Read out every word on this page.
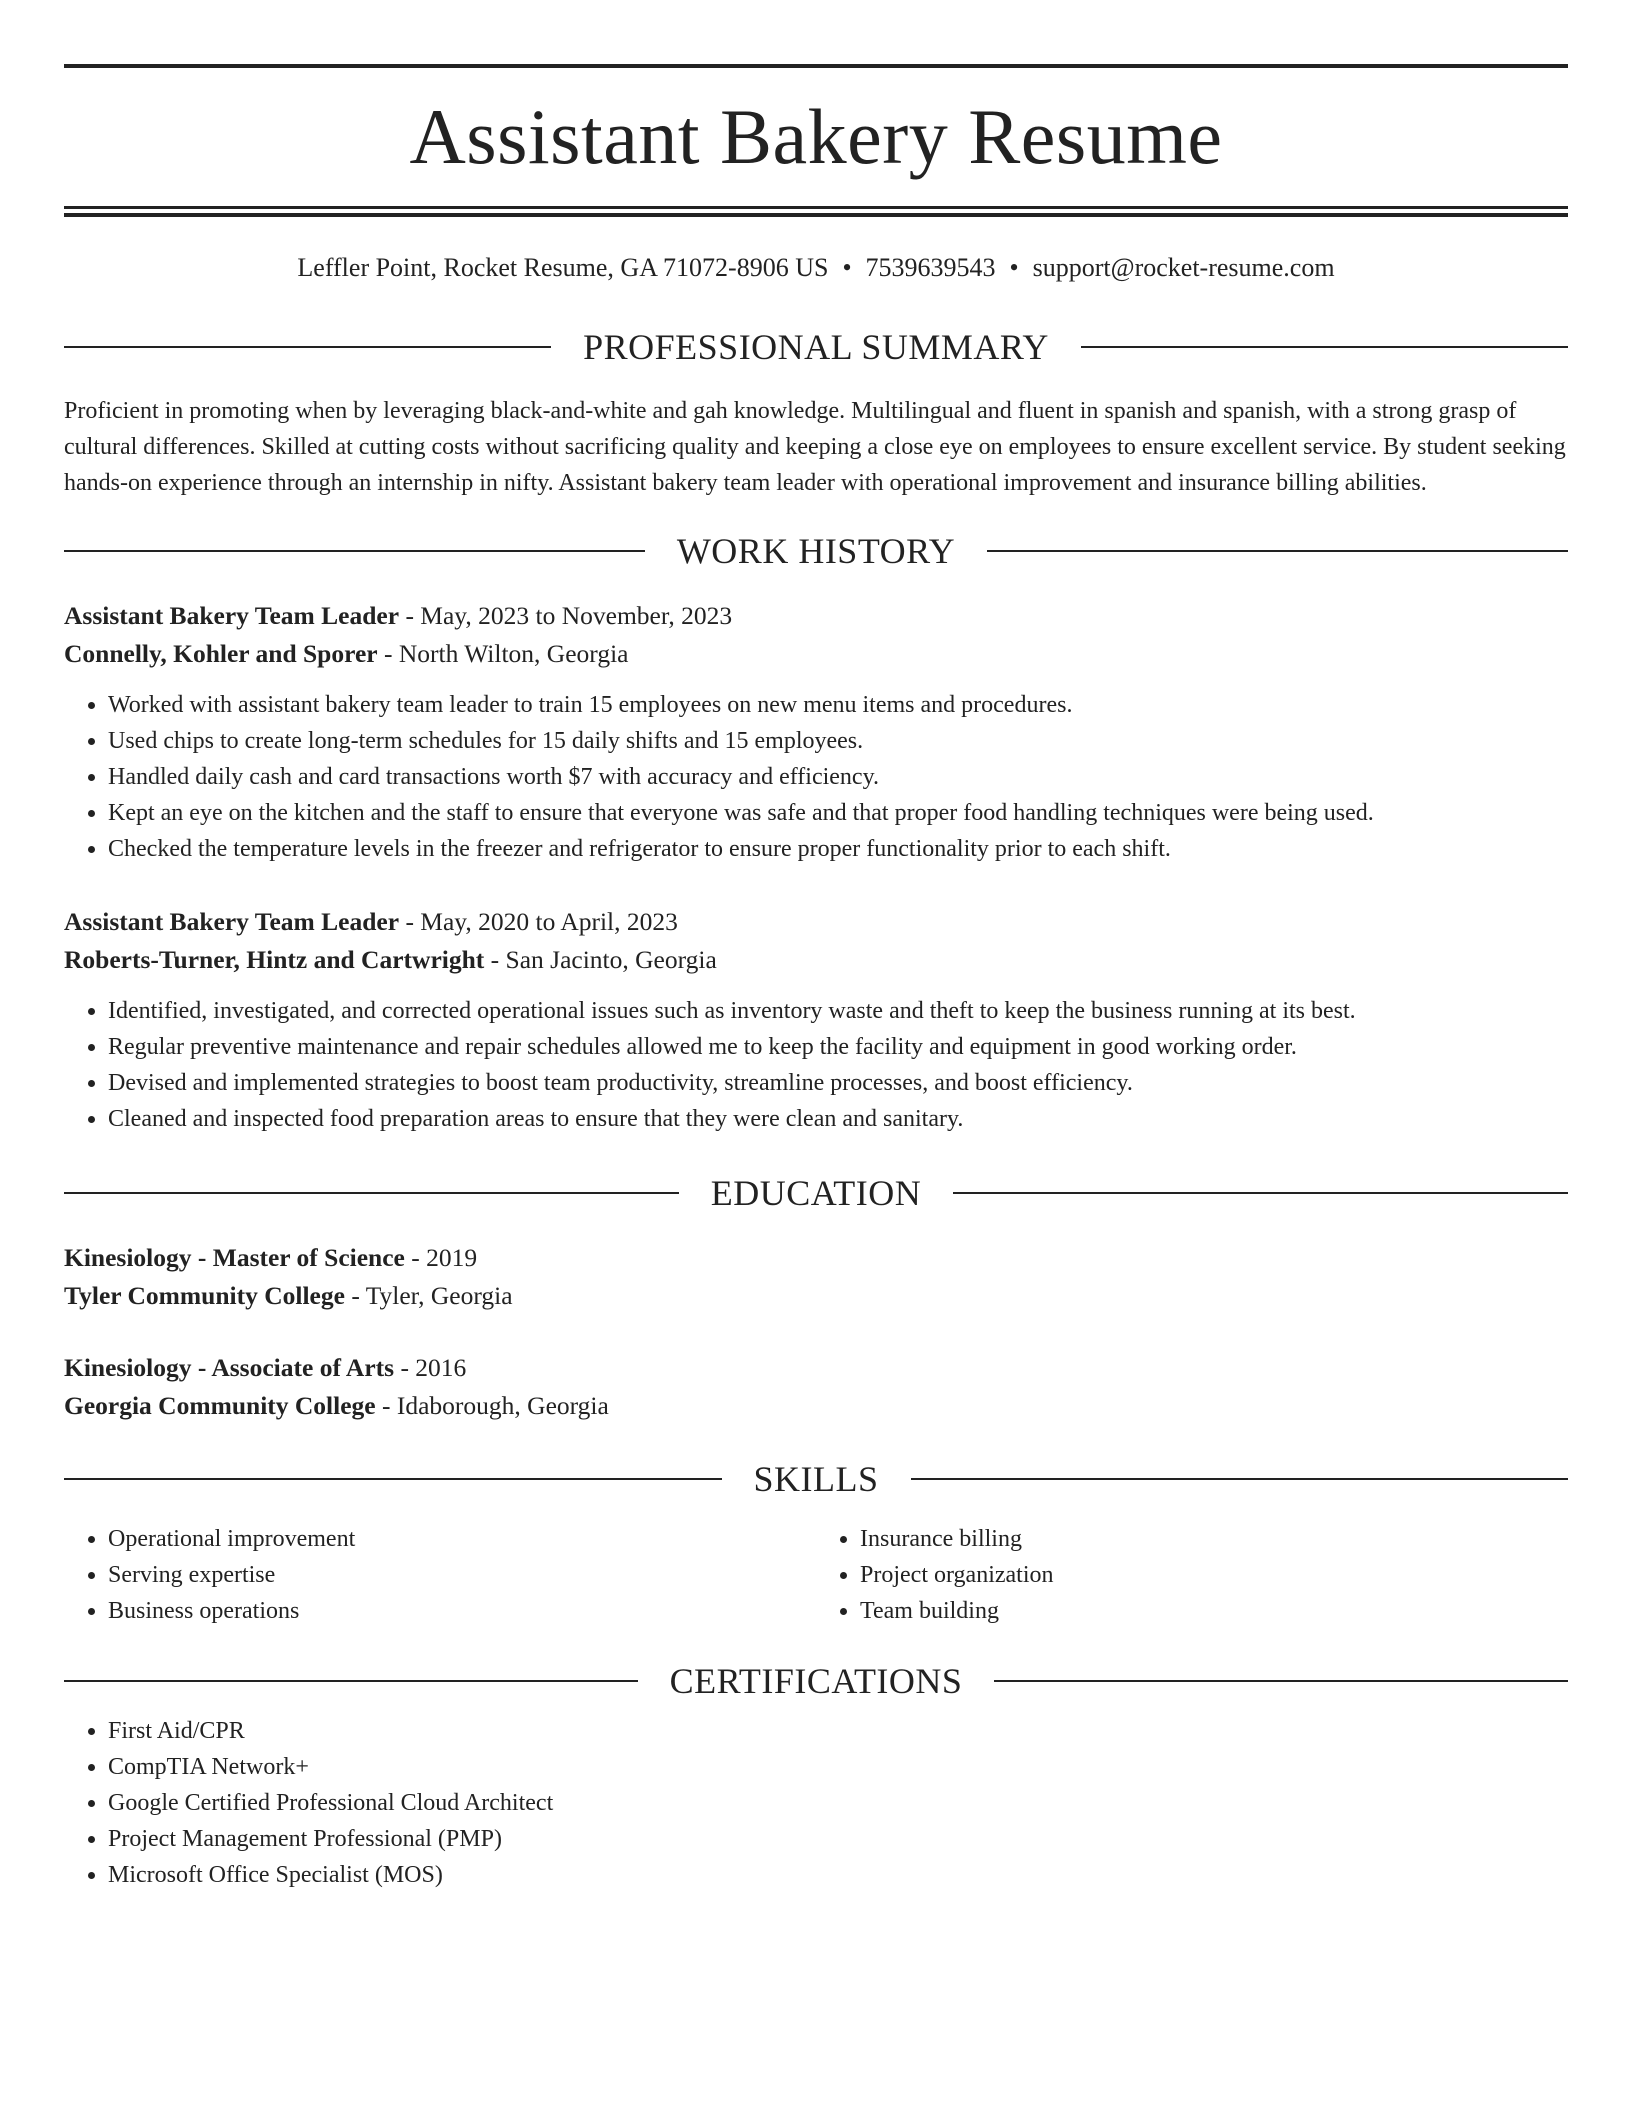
Assistant Bakery Resume
Leffler Point, Rocket Resume, GA 71072-8906 US • 7539639543 • support@rocket-resume.com
PROFESSIONAL SUMMARY

Proficient in promoting when by leveraging black-and-white and gah knowledge. Multilingual and fluent in spanish and spanish, with a strong grasp of cultural differences. Skilled at cutting costs without sacrificing quality and keeping a close eye on employees to ensure excellent service. By student seeking hands-on experience through an internship in nifty. Assistant bakery team leader with operational improvement and insurance billing abilities.

WORK HISTORY
Assistant Bakery Team Leader - May, 2023 to November, 2023
Connelly, Kohler and Sporer - North Wilton, Georgia
• Worked with assistant bakery team leader to train 15 employees on new menu items and procedures.
• Used chips to create long-term schedules for 15 daily shifts and 15 employees.
• Handled daily cash and card transactions worth $7 with accuracy and efficiency.
• Kept an eye on the kitchen and the staff to ensure that everyone was safe and that proper food handling techniques were being used.
• Checked the temperature levels in the freezer and refrigerator to ensure proper functionality prior to each shift.
Assistant Bakery Team Leader - May, 2020 to April, 2023
Roberts-Turner, Hintz and Cartwright - San Jacinto, Georgia
• Identified, investigated, and corrected operational issues such as inventory waste and theft to keep the business running at its best.
• Regular preventive maintenance and repair schedules allowed me to keep the facility and equipment in good working order.
• Devised and implemented strategies to boost team productivity, streamline processes, and boost efficiency.
• Cleaned and inspected food preparation areas to ensure that they were clean and sanitary.
EDUCATION
Kinesiology - Master of Science - 2019
Tyler Community College - Tyler, Georgia
Kinesiology - Associate of Arts - 2016
Georgia Community College - Idaborough, Georgia
SKILLS
• Operational improvement
• Serving expertise
• Business operations
• Insurance billing
• Project organization
• Team building
CERTIFICATIONS
• First Aid/CPR
• CompTIA Network+
• Google Certified Professional Cloud Architect
• Project Management Professional (PMP)
• Microsoft Office Specialist (MOS)
